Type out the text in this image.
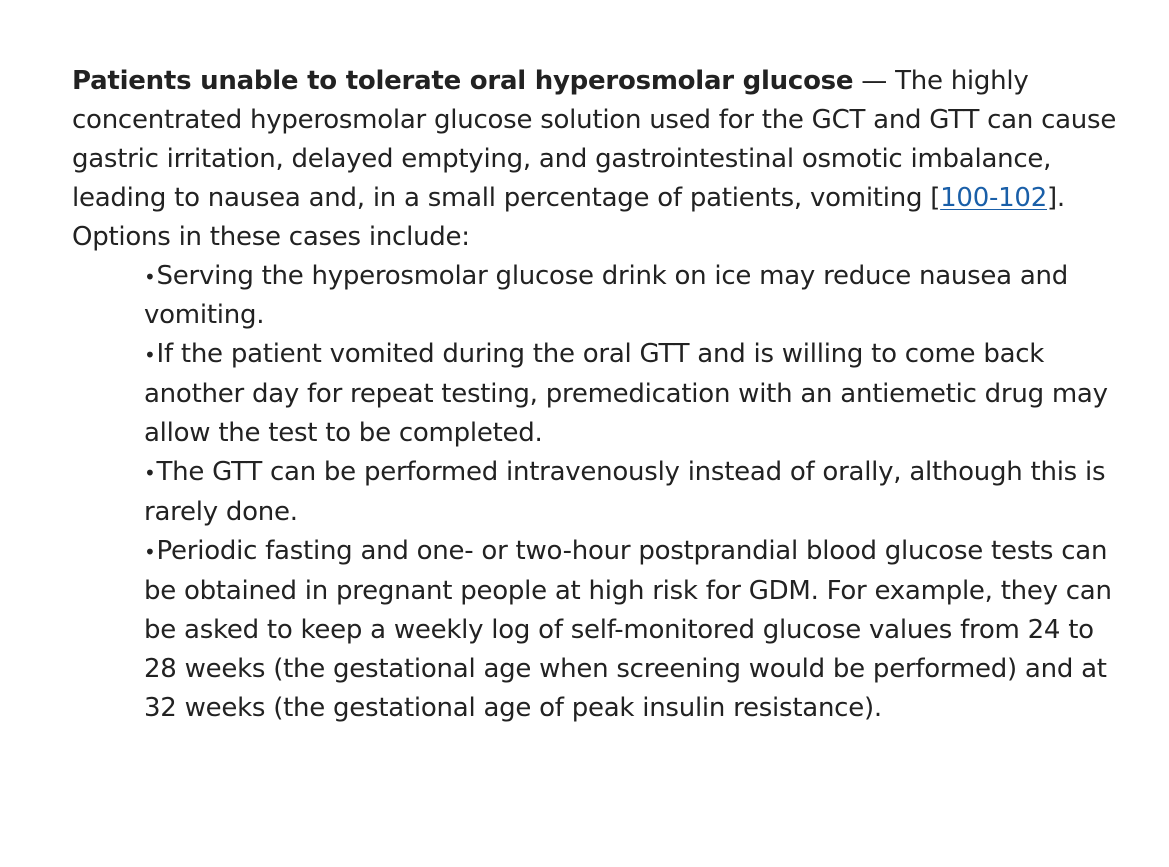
Patients unable to tolerate oral hyperosmolar glucose — The highly concentrated hyperosmolar glucose solution used for the GCT and GTT can cause gastric irritation, delayed emptying, and gastrointestinal osmotic imbalance, leading to nausea and, in a small percentage of patients, vomiting [100-102]. Options in these cases include:

•Serving the hyperosmolar glucose drink on ice may reduce nausea and vomiting.
•If the patient vomited during the oral GTT and is willing to come back another day for repeat testing, premedication with an antiemetic drug may allow the test to be completed.
•The GTT can be performed intravenously instead of orally, although this is rarely done.
•Periodic fasting and one- or two-hour postprandial blood glucose tests can be obtained in pregnant people at high risk for GDM. For example, they can be asked to keep a weekly log of self-monitored glucose values from 24 to 28 weeks (the gestational age when screening would be performed) and at 32 weeks (the gestational age of peak insulin resistance).
